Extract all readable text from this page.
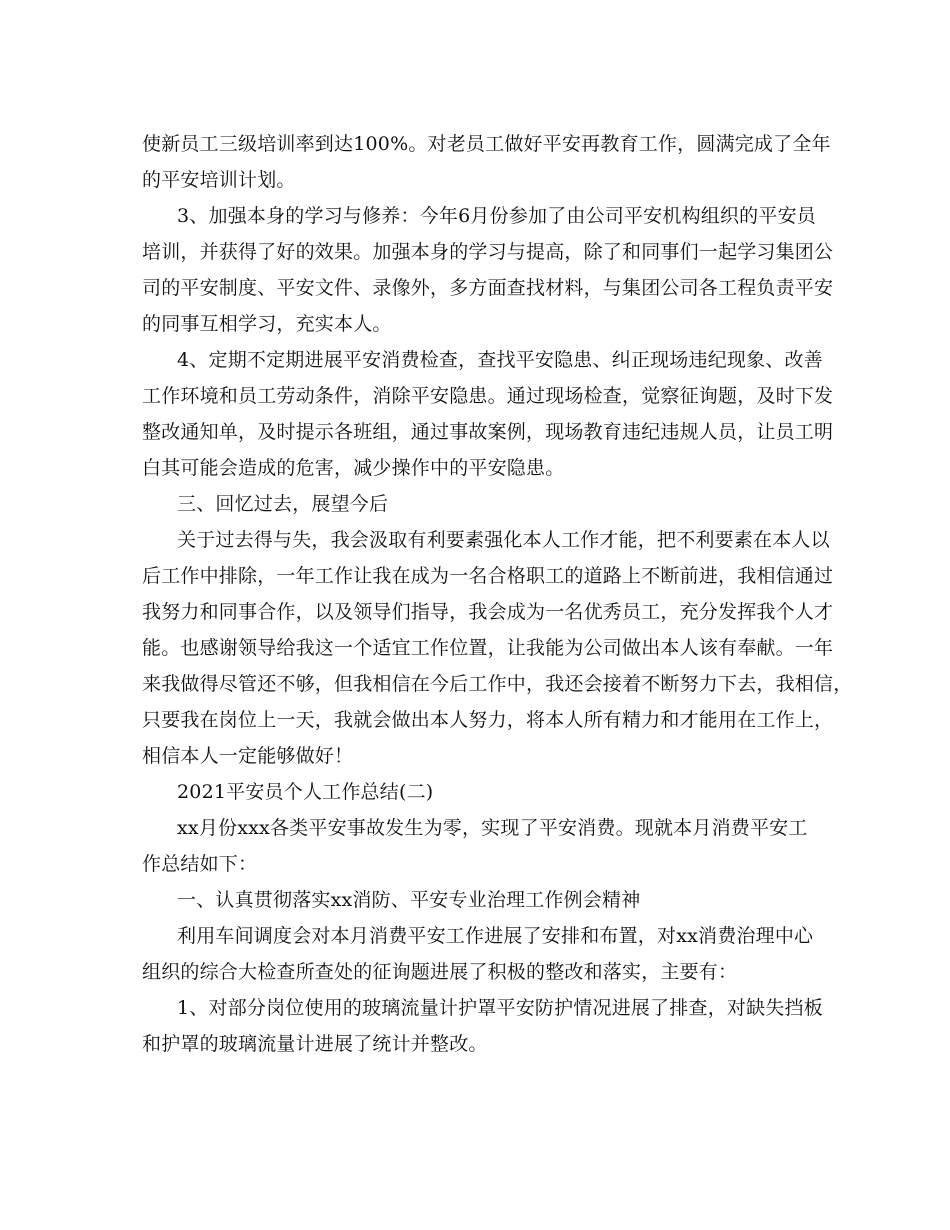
使新员工三级培训率到达100%。对老员工做好平安再教育工作，圆满完成了全年
的平安培训计划。
3、加强本身的学习与修养：今年6月份参加了由公司平安机构组织的平安员
培训，并获得了好的效果。加强本身的学习与提高，除了和同事们一起学习集团公
司的平安制度、平安文件、录像外，多方面查找材料，与集团公司各工程负责平安
的同事互相学习，充实本人。
4、定期不定期进展平安消费检查，查找平安隐患、纠正现场违纪现象、改善
工作环境和员工劳动条件，消除平安隐患。通过现场检查，觉察征询题，及时下发
整改通知单，及时提示各班组，通过事故案例，现场教育违纪违规人员，让员工明
白其可能会造成的危害，减少操作中的平安隐患。
三、回忆过去，展望今后
关于过去得与失，我会汲取有利要素强化本人工作才能，把不利要素在本人以
后工作中排除，一年工作让我在成为一名合格职工的道路上不断前进，我相信通过
我努力和同事合作，以及领导们指导，我会成为一名优秀员工，充分发挥我个人才
能。也感谢领导给我这一个适宜工作位置，让我能为公司做出本人该有奉献。一年
来我做得尽管还不够，但我相信在今后工作中，我还会接着不断努力下去，我相信，
只要我在岗位上一天，我就会做出本人努力，将本人所有精力和才能用在工作上，
相信本人一定能够做好！
2021平安员个人工作总结(二)
xx月份xxx各类平安事故发生为零，实现了平安消费。现就本月消费平安工
作总结如下：
一、认真贯彻落实xx消防、平安专业治理工作例会精神
利用车间调度会对本月消费平安工作进展了安排和布置，对xx消费治理中心
组织的综合大检查所查处的征询题进展了积极的整改和落实，主要有：
1、对部分岗位使用的玻璃流量计护罩平安防护情况进展了排查，对缺失挡板
和护罩的玻璃流量计进展了统计并整改。
